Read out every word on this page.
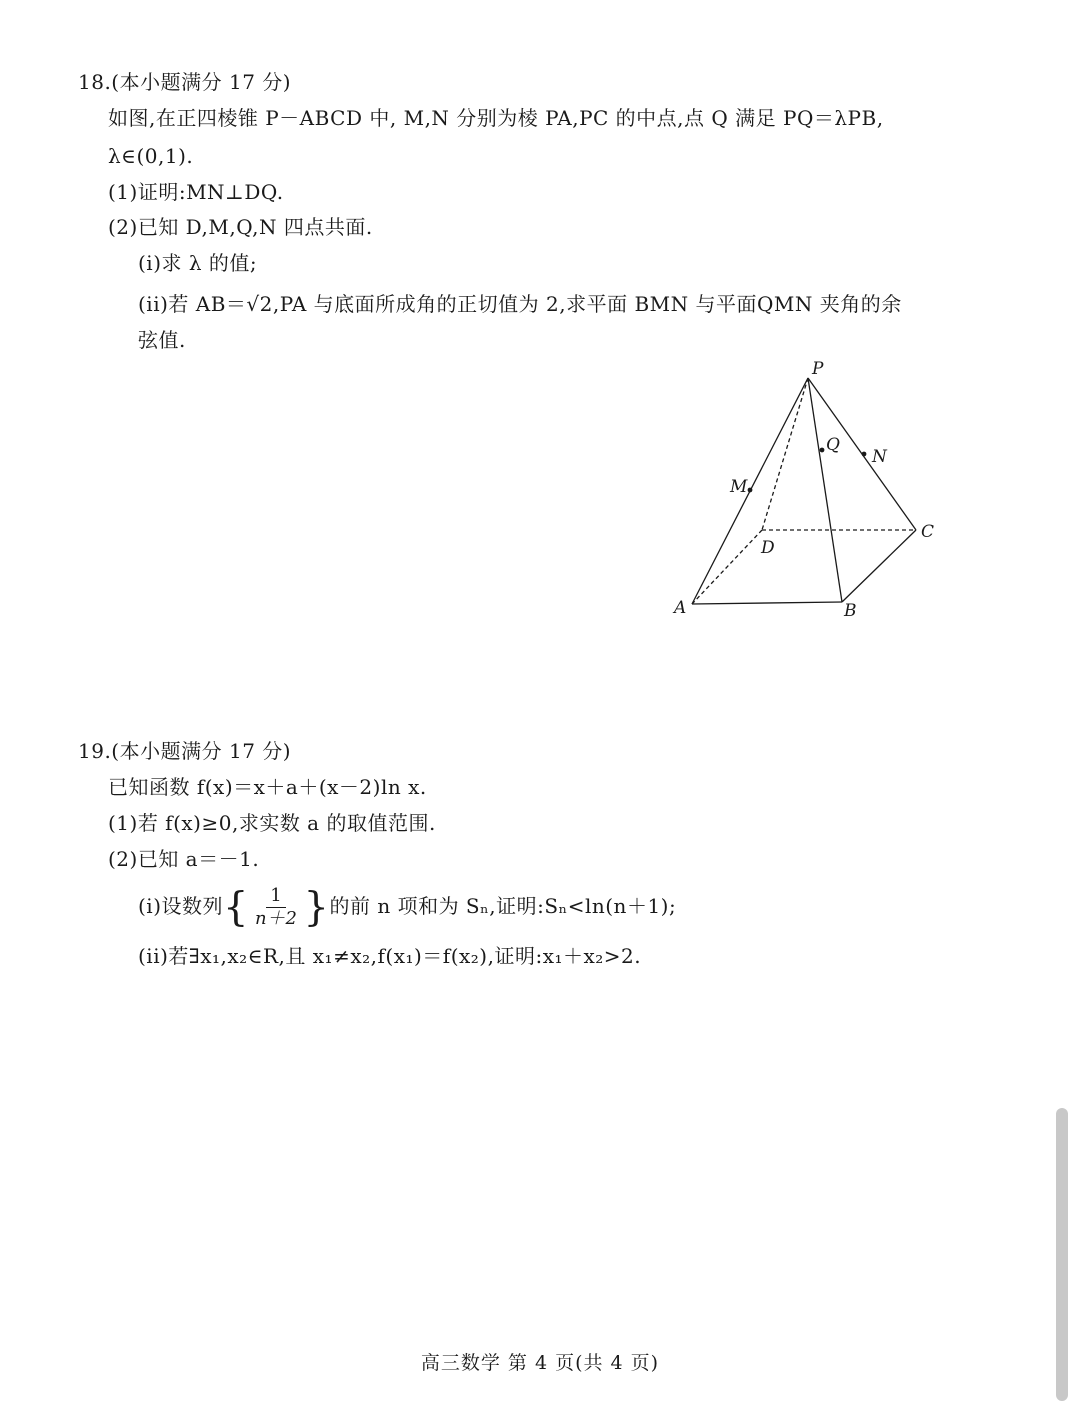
18.(本小题满分 17 分)
如图,在正四棱锥 P－ABCD 中, M,N 分别为棱 PA,PC 的中点,点 Q 满足 PQ＝λPB,
λ∈(0,1).
(1)证明:MN⊥DQ.
(2)已知 D,M,Q,N 四点共面.
(i)求 λ 的值;
(ii)若 AB＝√2,PA 与底面所成角的正切值为 2,求平面 BMN 与平面QMN 夹角的余
弦值.
P
Q
N
M
D
C
A	B
19.(本小题满分 17 分)
已知函数 f(x)＝x＋a＋(x－2)ln x.
(1)若 f(x)≥0,求实数 a 的取值范围.
(2)已知 a＝－1.
(i)设数列{ $\frac{1}{n+2}$ }的前 n 项和为 Sₙ,证明:Sₙ<ln(n＋1);
(ii)若∃x₁,x₂∈R,且 x₁≠x₂,f(x₁)＝f(x₂),证明:x₁＋x₂>2.
高三数学 第 4 页(共 4 页)
